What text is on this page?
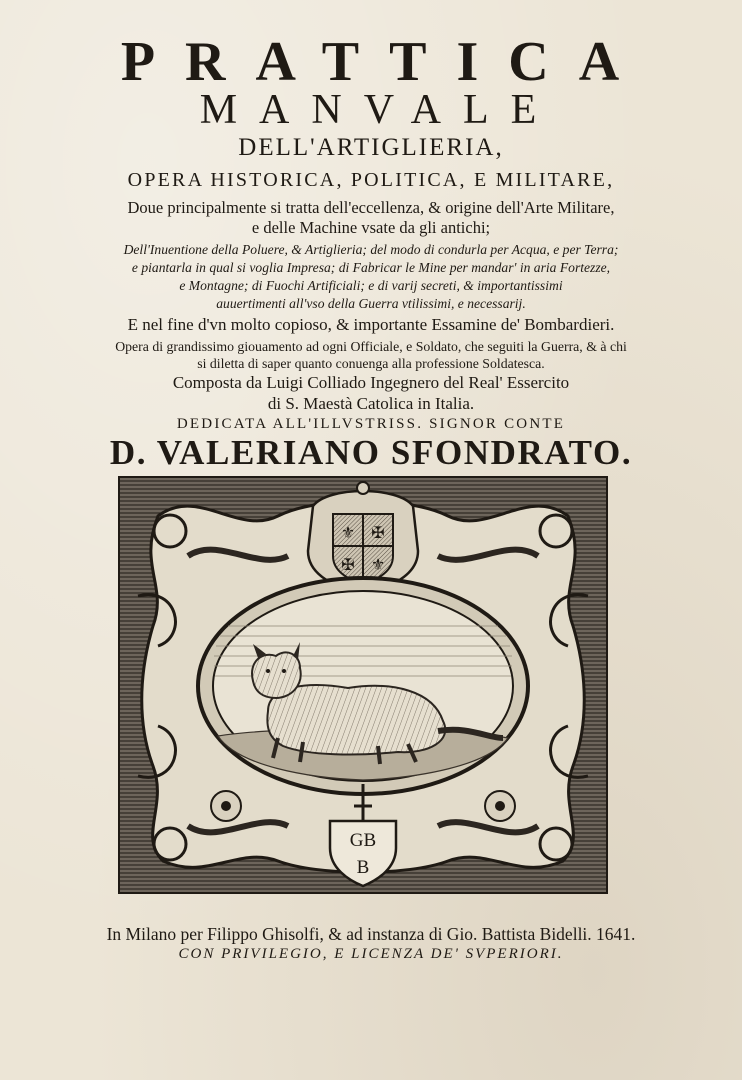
PRATTICA
MANVALE
DELL'ARTIGLIERIA,
OPERA HISTORICA, POLITICA, E MILITARE,
Doue principalmente si tratta dell'eccellenza, & origine dell'Arte Militare,
e delle Machine vsate da gli antichi;
Dell'Inuentione della Poluere, & Artiglieria; del modo di condurla per Acqua, e per Terra;
e piantarla in qual si voglia Impresa; di Fabricar le Mine per mandar' in aria Fortezze,
e Montagne; di Fuochi Artificiali; e di varij secreti, & importantissimi
auuertimenti all'vso della Guerra vtilissimi, e necessarij.
E nel fine d'vn molto copioso, & importante Essamine de' Bombardieri.
Opera di grandissimo giouamento ad ogni Officiale, e Soldato, che seguiti la Guerra, & à chi
si diletta di saper quanto conuenga alla professione Soldatesca.
Composta da Luigi Colliado Ingegnero del Real' Essercito
di S. Maestà Catolica in Italia.
DEDICATA ALL'ILLVSTRISS. SIGNOR CONTE
D. VALERIANO SFONDRATO.
⚜ ✠
✠ ⚜
GB
B
In Milano per Filippo Ghisolfi, & ad instanza di Gio. Battista Bidelli. 1641.
CON PRIVILEGIO, E LICENZA DE' SVPERIORI.
